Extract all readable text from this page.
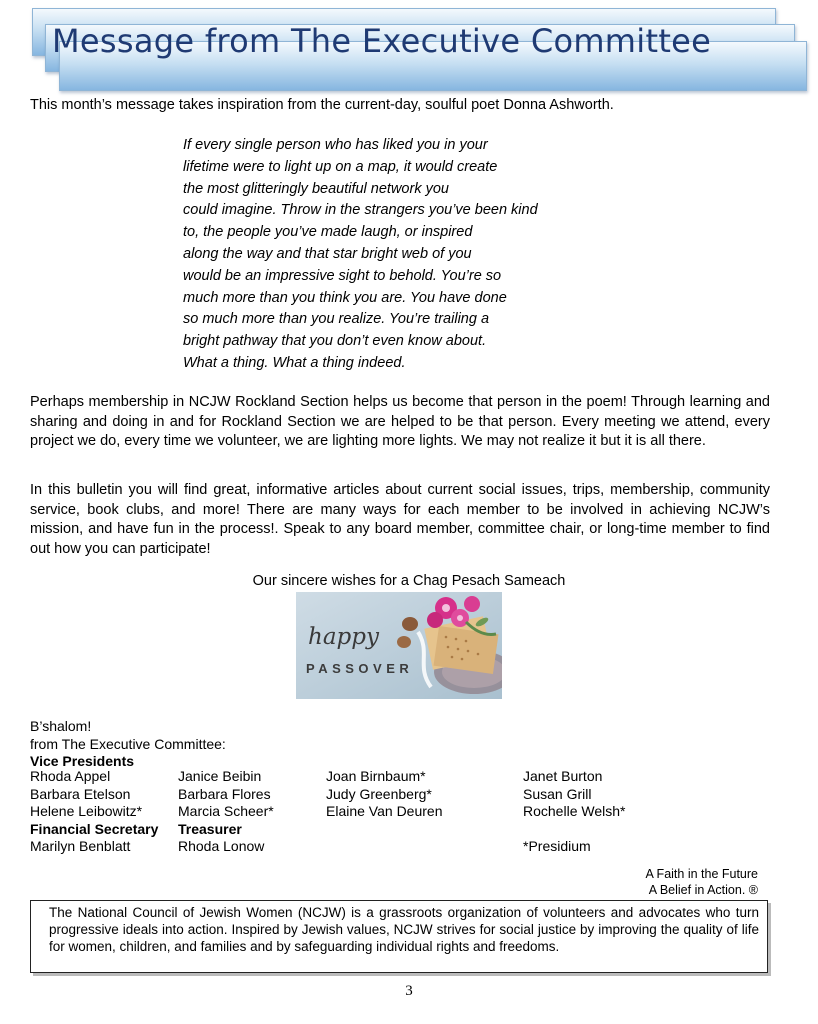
Message from The Executive Committee

This month’s message takes inspiration from the current-day, soulful poet Donna Ashworth.

If every single person who has liked you in your
lifetime were to light up on a map, it would create
the most glitteringly beautiful network you
could imagine. Throw in the strangers you’ve been kind
to, the people you’ve made laugh, or inspired
along the way and that star bright web of you
would be an impressive sight to behold. You’re so
much more than you think you are. You have done
so much more than you realize. You’re trailing a
bright pathway that you don’t even know about.
What a thing. What a thing indeed.

Perhaps membership in NCJW Rockland Section helps us become that person in the poem! Through learning and sharing and doing in and for Rockland Section we are helped to be that person. Every meeting we attend, every project we do, every time we volunteer, we are lighting more lights. We may not realize it but it is all there.

In this bulletin you will find great, informative articles about current social issues, trips, membership, community service, book clubs, and more! There are many ways for each member to be involved in achieving NCJW’s mission, and have fun in the process!. Speak to any board member, committee chair, or long-time member to find out how you can participate!

Our sincere wishes for a Chag Pesach Sameach

happy
PASSOVER
B’shalom!
from The Executive Committee:
Vice Presidents
Rhoda Appel
Barbara Etelson
Helene Leibowitz*
Financial Secretary
Marilyn Benblatt
Janice Beibin
Barbara Flores
Marcia Scheer*
Treasurer
Rhoda Lonow
Joan Birnbaum*
Judy Greenberg*
Elaine Van Deuren
Janet Burton
Susan Grill
Rochelle Welsh*
*Presidium
A Faith in the Future
A Belief in Action. ®

The National Council of Jewish Women (NCJW) is a grassroots organization of volunteers and advocates who turn progressive ideals into action. Inspired by Jewish values, NCJW strives for social justice by improving the quality of life for women, children, and families and by safeguarding individual rights and freedoms.

3
